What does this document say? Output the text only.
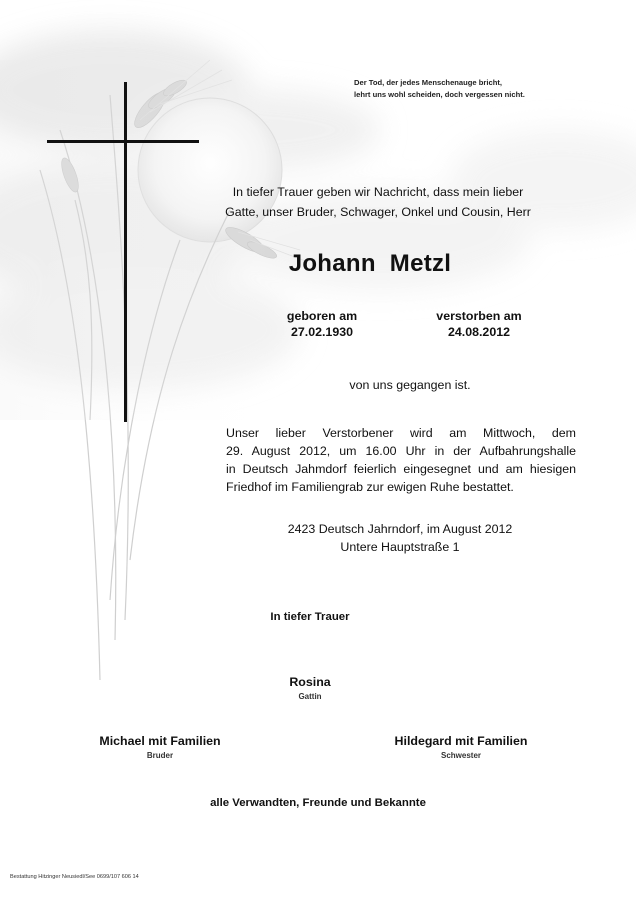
Der Tod, der jedes Menschenauge bricht,
lehrt uns wohl scheiden, doch vergessen nicht.
In tiefer Trauer geben wir Nachricht, dass mein lieber
Gatte, unser Bruder, Schwager, Onkel und Cousin, Herr
Johann  Metzl
geboren am
27.02.1930
verstorben am
24.08.2012
von uns gegangen ist.
Unser lieber Verstorbener wird am Mittwoch, dem
29. August 2012, um 16.00 Uhr in der Aufbahrungshalle
in Deutsch Jahmdorf feierlich eingesegnet und am hiesigen
Friedhof im Familiengrab zur ewigen Ruhe bestattet.
2423 Deutsch Jahrndorf, im August 2012
Untere Hauptstraße 1
In tiefer Trauer
Rosina
Gattin
Michael mit Familien
Bruder
Hildegard mit Familien
Schwester
alle Verwandten, Freunde und Bekannte
Bestattung Hitzinger Neusiedl/See 0699/107 606 14
